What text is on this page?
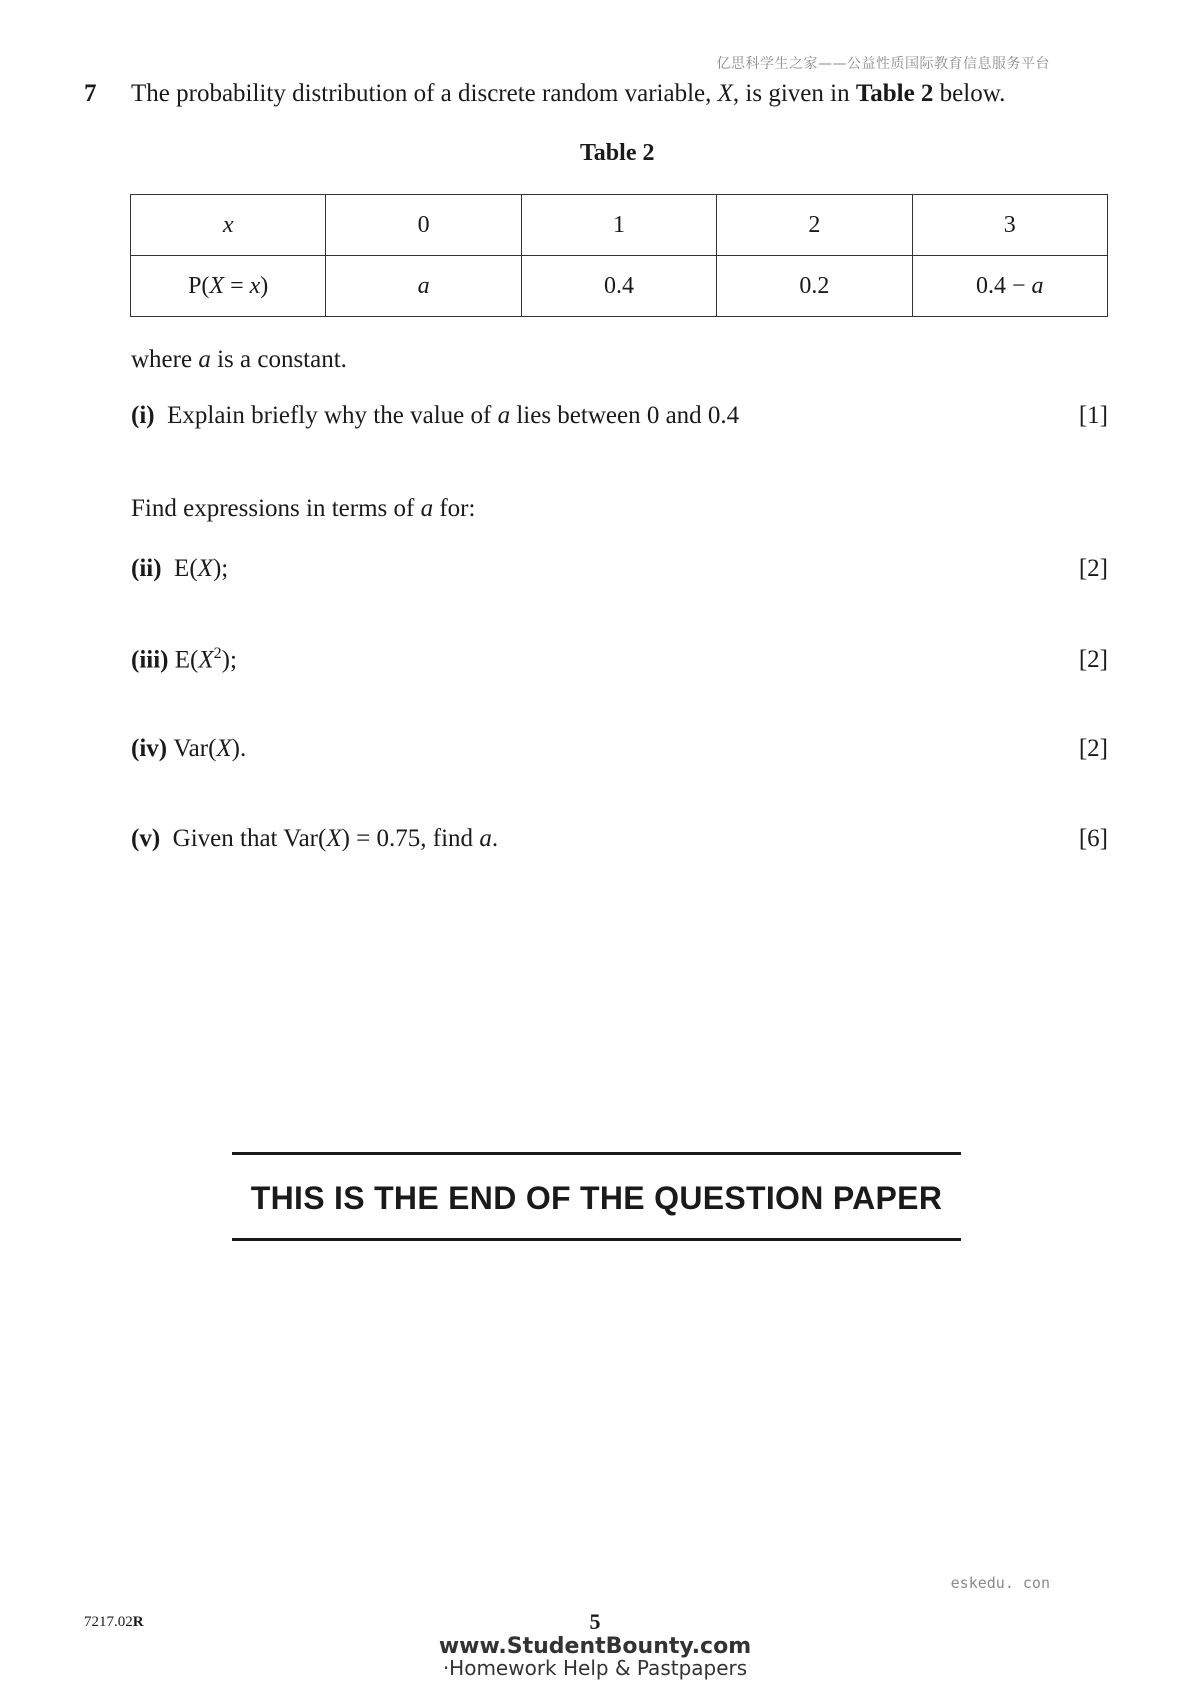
亿思科学生之家——公益性质国际教育信息服务平台
7 The probability distribution of a discrete random variable, X, is given in Table 2 below.
Table 2
x	0	1	2	3
P(X = x)	a	0.4	0.2	0.4 − a
where a is a constant.
(i) Explain briefly why the value of a lies between 0 and 0.4	[1]
Find expressions in terms of a for:
(ii) E(X);	[2]
(iii) $E(X^2)$;	[2]
(iv) Var(X).	[2]
(v) Given that Var(X) = 0.75, find a.	[6]
THIS IS THE END OF THE QUESTION PAPER
eskedu. con
7217.02R	5
www.StudentBounty.com
·Homework Help & Pastpapers
